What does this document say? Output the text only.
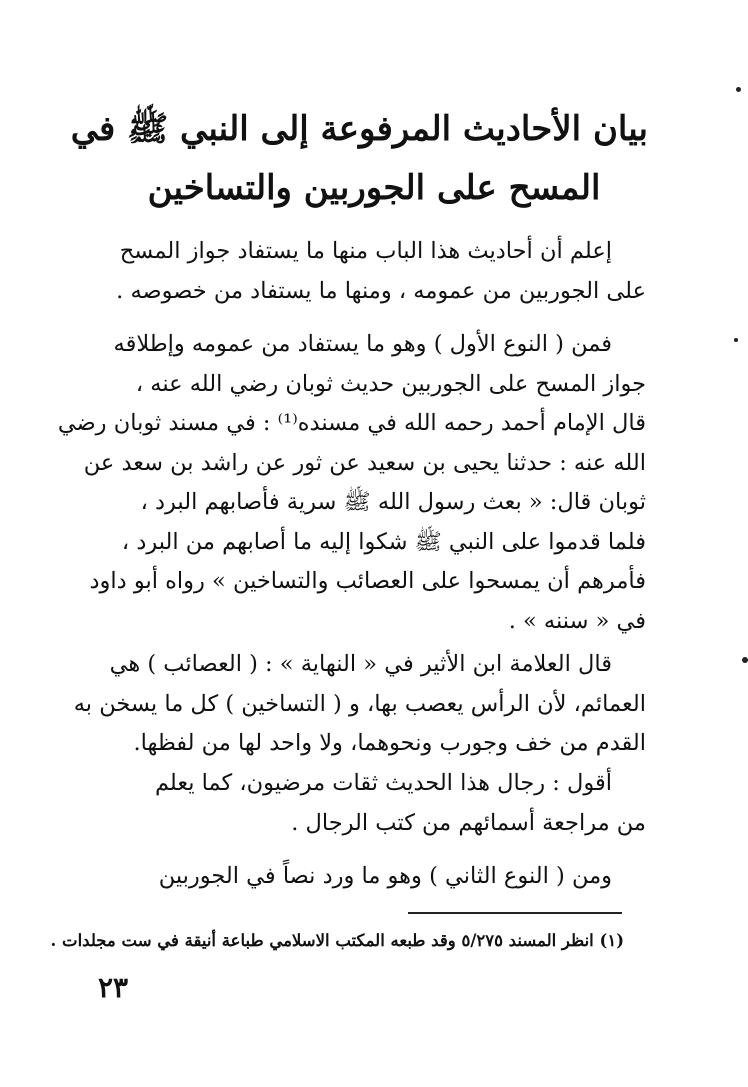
بيان الأحاديث المرفوعة إلى النبي ﷺ في
المسح على الجوربين والتساخين
إعلم أن أحاديث هذا الباب منها ما يستفاد جواز المسح
على الجوربين من عمومه ، ومنها ما يستفاد من خصوصه .
فمن ( النوع الأول ) وهو ما يستفاد من عمومه وإطلاقه
جواز المسح على الجوربين حديث ثوبان رضي الله عنه ،
قال الإمام أحمد رحمه الله في مسنده⁽¹⁾ : في مسند ثوبان رضي
الله عنه : حدثنا يحيى بن سعيد عن ثور عن راشد بن سعد عن
ثوبان قال: « بعث رسول الله ﷺ سرية فأصابهم البرد ،
فلما قدموا على النبي ﷺ شكوا إليه ما أصابهم من البرد ،
فأمرهم أن يمسحوا على العصائب والتساخين » رواه أبو داود
في « سننه » .
قال العلامة ابن الأثير في « النهاية » : ( العصائب ) هي
العمائم، لأن الرأس يعصب بها، و ( التساخين ) كل ما يسخن به
القدم من خف وجورب ونحوهما، ولا واحد لها من لفظها.
أقول : رجال هذا الحديث ثقات مرضيون، كما يعلم
من مراجعة أسمائهم من كتب الرجال .
ومن ( النوع الثاني ) وهو ما ورد نصاً في الجوربين
(١) انظر المسند ٥/٢٧٥ وقد طبعه المكتب الاسلامي طباعة أنيقة في ست مجلدات .
٢٣
